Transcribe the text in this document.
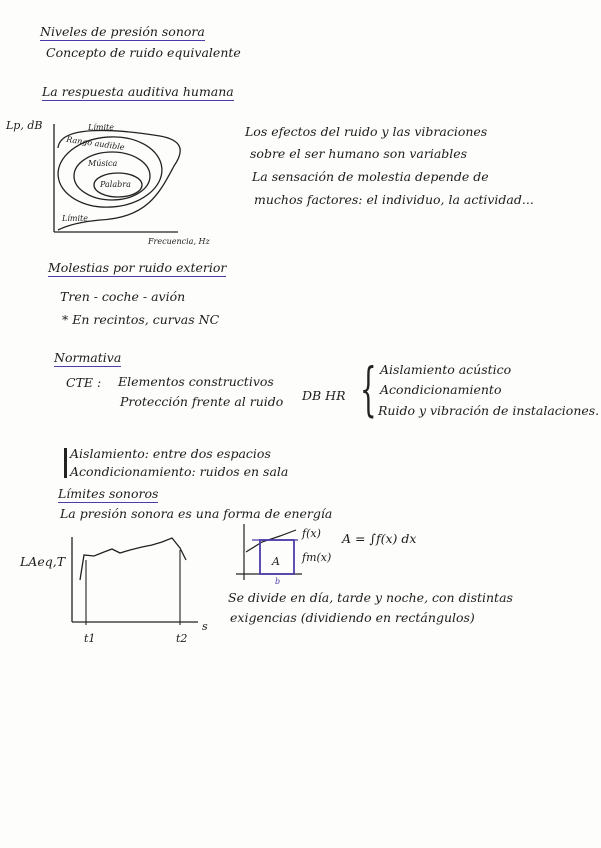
Niveles de presión sonora
Concepto de ruido equivalente
La respuesta auditiva humana
Lp, dB	Límite
Rango audible
Música
Palabra
Límite
Frecuencia, Hz
Los efectos del ruido y las vibraciones
sobre el ser humano son variables
La sensación de molestia depende de
muchos factores: el individuo, la actividad...
Molestias por ruido exterior
Tren - coche - avión
* En recintos, curvas NC
Normativa
CTE : Elementos constructivos
Protección frente al ruido DB HR { Aislamiento acústico
Acondicionamiento
Ruido y vibración de instalaciones.
Aislamiento: entre dos espacios
Acondicionamiento: ruidos en sala
Límites sonoros
La presión sonora es una forma de energía
LAeq,T
s
t1	t2
f(x)
fm(x)
A
b
A = ∫f(x) dx
Se divide en día, tarde y noche, con distintas
exigencias (dividiendo en rectángulos)
